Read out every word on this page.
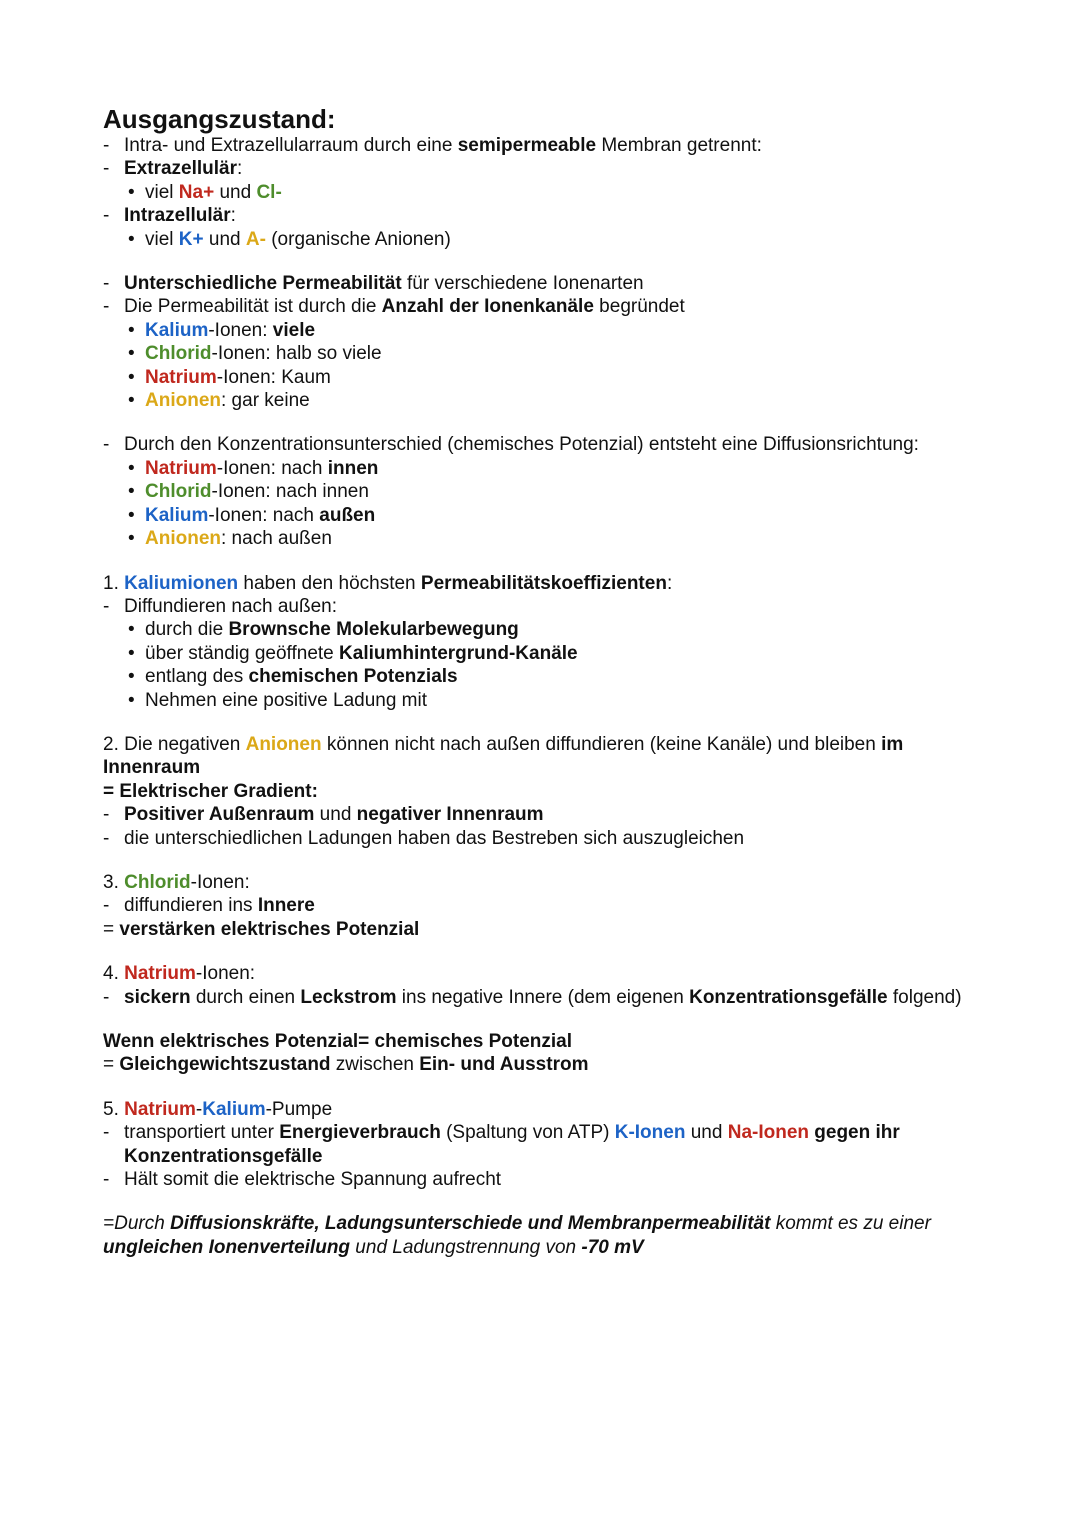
Ausgangszustand:
- Intra- und Extrazellularraum durch eine semipermeable Membran getrennt:
- Extrazellulär:
• viel Na+ und Cl-
- Intrazellulär:
• viel K+ und A- (organische Anionen)
- Unterschiedliche Permeabilität für verschiedene Ionenarten
- Die Permeabilität ist durch die Anzahl der Ionenkanäle begründet
• Kalium-Ionen: viele
• Chlorid-Ionen: halb so viele
• Natrium-Ionen: Kaum
• Anionen: gar keine
- Durch den Konzentrationsunterschied (chemisches Potenzial) entsteht eine Diffusionsrichtung:
• Natrium-Ionen: nach innen
• Chlorid-Ionen: nach innen
• Kalium-Ionen: nach außen
• Anionen: nach außen
1. Kaliumionen haben den höchsten Permeabilitätskoeffizienten:
- Diffundieren nach außen:
• durch die Brownsche Molekularbewegung
• über ständig geöffnete Kaliumhintergrund-Kanäle
• entlang des chemischen Potenzials
• Nehmen eine positive Ladung mit
2. Die negativen Anionen können nicht nach außen diffundieren (keine Kanäle) und bleiben im Innenraum
= Elektrischer Gradient:
- Positiver Außenraum und negativer Innenraum
- die unterschiedlichen Ladungen haben das Bestreben sich auszugleichen
3. Chlorid-Ionen:
- diffundieren ins Innere
= verstärken elektrisches Potenzial
4. Natrium-Ionen:
- sickern durch einen Leckstrom ins negative Innere (dem eigenen Konzentrationsgefälle folgend)
Wenn elektrisches Potenzial= chemisches Potenzial
= Gleichgewichtszustand zwischen Ein- und Ausstrom
5. Natrium-Kalium-Pumpe
- transportiert unter Energieverbrauch (Spaltung von ATP) K-Ionen und Na-Ionen gegen ihr Konzentrationsgefälle
- Hält somit die elektrische Spannung aufrecht
=Durch Diffusionskräfte, Ladungsunterschiede und Membranpermeabilität kommt es zu einer ungleichen Ionenverteilung und Ladungstrennung von -70 mV
